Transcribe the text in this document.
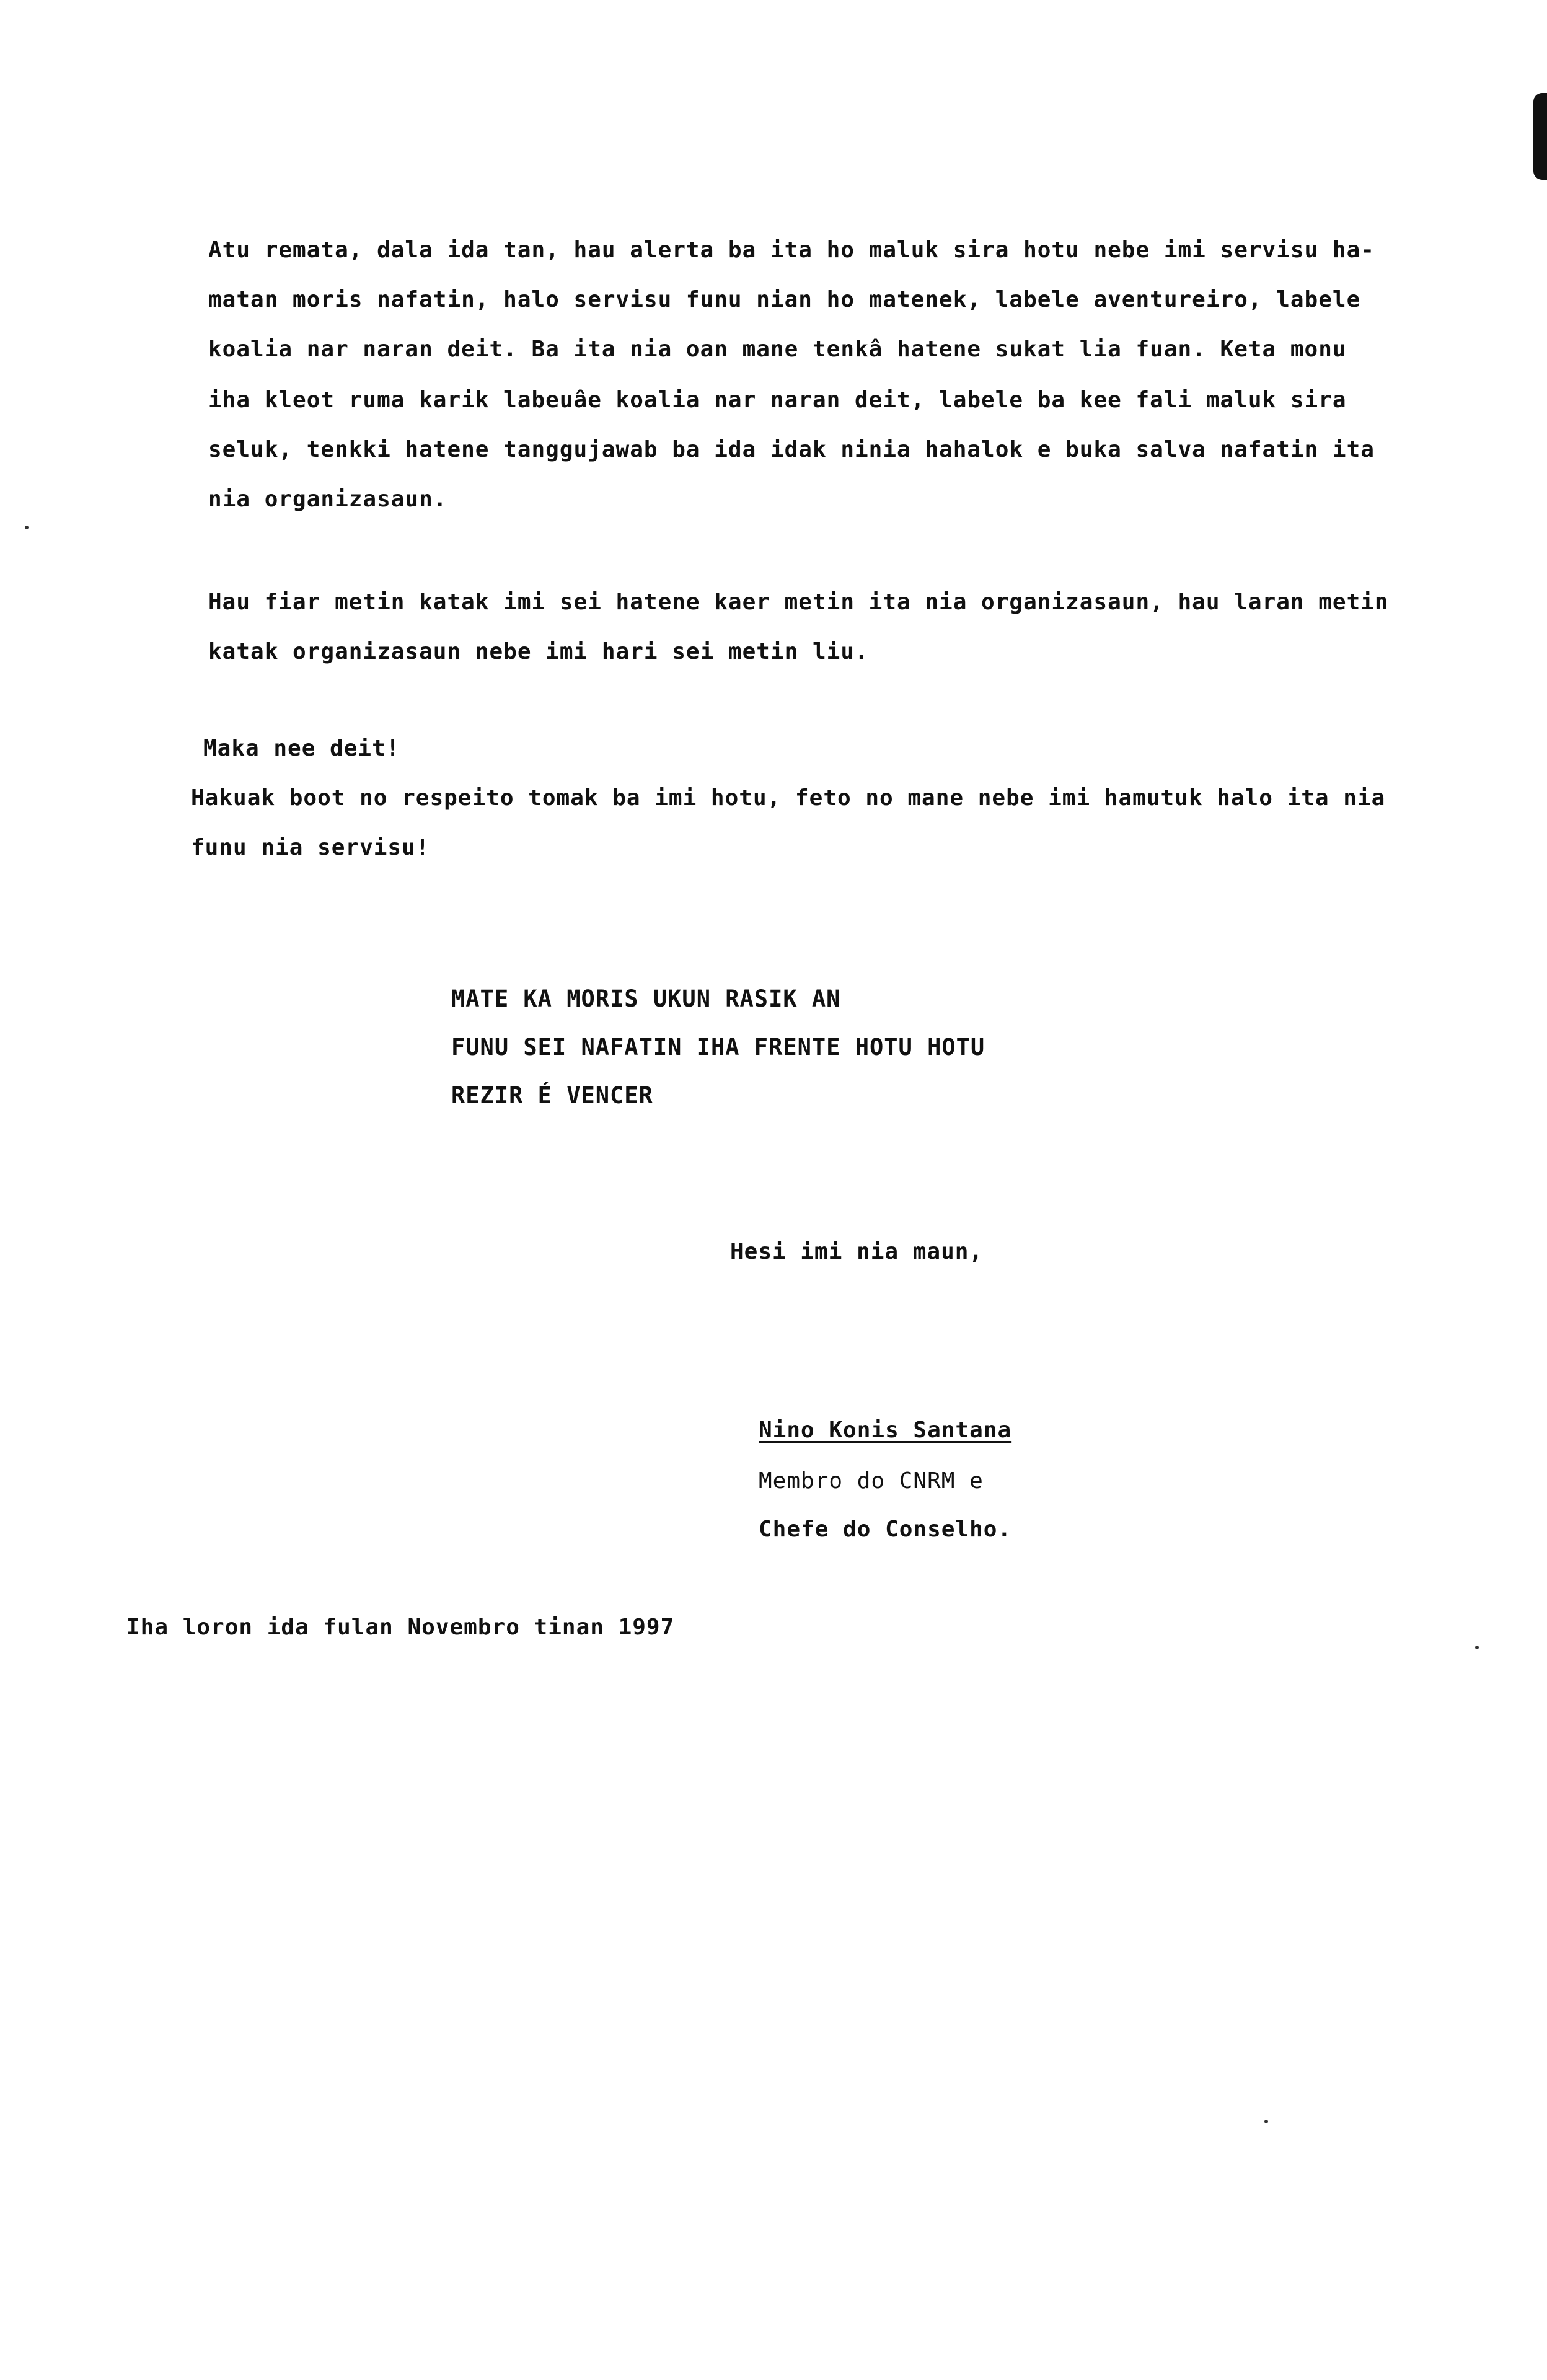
Atu remata, dala ida tan, hau alerta ba ita ho maluk sira hotu nebe imi servisu ha-
matan moris nafatin, halo servisu funu nian ho matenek, labele aventureiro, labele
koalia nar naran deit. Ba ita nia oan mane tenkâ hatene sukat lia fuan. Keta monu
iha kleot ruma karik labeuâe koalia nar naran deit, labele ba kee fali maluk sira
seluk, tenkki hatene tanggujawab ba ida idak ninia hahalok e buka salva nafatin ita
nia organizasaun.
Hau fiar metin katak imi sei hatene kaer metin ita nia organizasaun, hau laran metin
katak organizasaun nebe imi hari sei metin liu.
Maka nee deit!
Hakuak boot no respeito tomak ba imi hotu, feto no mane nebe imi hamutuk halo ita nia
funu nia servisu!
MATE KA MORIS UKUN RASIK AN
FUNU SEI NAFATIN IHA FRENTE HOTU HOTU
REZIR É VENCER
Hesi imi nia maun,
Nino Konis Santana
Membro do CNRM e
Chefe do Conselho.
Iha loron ida fulan Novembro tinan 1997
